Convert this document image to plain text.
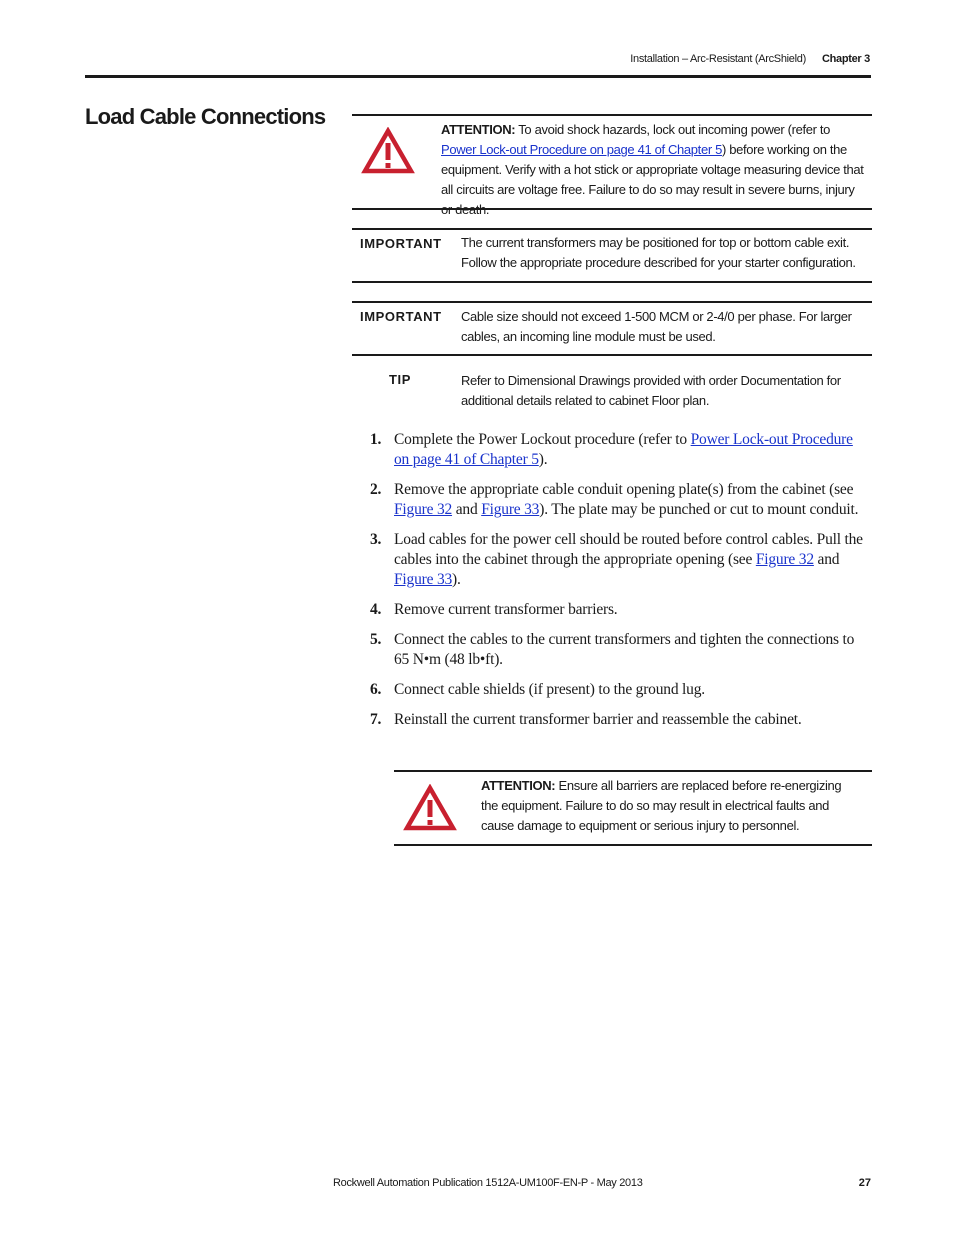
Installation – Arc-Resistant (ArcShield) Chapter 3
Load Cable Connections
ATTENTION: To avoid shock hazards, lock out incoming power (refer to Power Lock-out Procedure on page 41 of Chapter 5) before working on the equipment. Verify with a hot stick or appropriate voltage measuring device that all circuits are voltage free. Failure to do so may result in severe burns, injury
IMPORTANT The current transformers may be positioned for top or bottom cable exit. Follow the appropriate procedure described for your starter configuration.
IMPORTANT Cable size should not exceed 1-500 MCM or 2-4/0 per phase. For larger cables, an incoming line module must be used.
TIP	Refer to Dimensional Drawings provided with order Documentation for additional details related to cabinet Floor plan.
1. Complete the Power Lockout procedure (refer to Power Lock-out Procedure on page 41 of Chapter 5).
2. Remove the appropriate cable conduit opening plate(s) from the cabinet (see Figure 32 and Figure 33). The plate may be punched or cut to mount conduit.
3. Load cables for the power cell should be routed before control cables. Pull the cables into the cabinet through the appropriate opening (see Figure 32 and Figure 33).
4. Remove current transformer barriers.
5. Connect the cables to the current transformers and tighten the connections to 65 N•m (48 lb•ft).
6. Connect cable shields (if present) to the ground lug.
7. Reinstall the current transformer barrier and reassemble the cabinet.
ATTENTION: Ensure all barriers are replaced before re-energizing the equipment. Failure to do so may result in electrical faults and cause damage to equipment or serious injury to personnel.
Rockwell Automation Publication 1512A-UM100F-EN-P - May 2013	27
